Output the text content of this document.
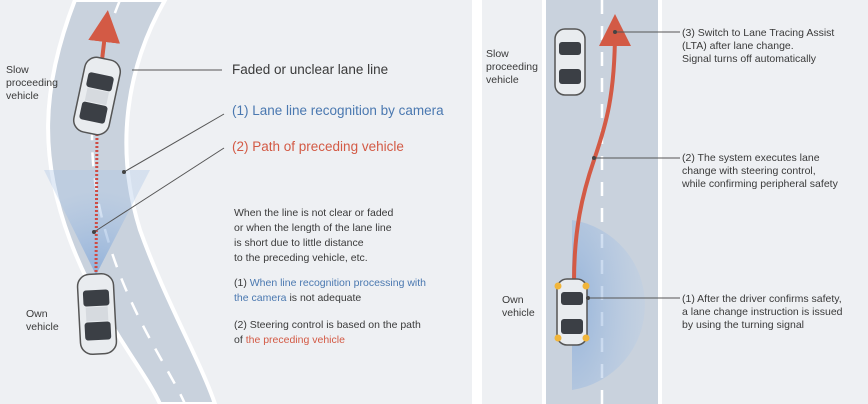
Slow
proceeding
vehicle
Faded or unclear lane line
(1) Lane line recognition by camera
(2) Path of preceding vehicle
When the line is not clear or faded
or when the length of the lane line
is short due to little distance
to the preceding vehicle, etc.
(1) When line recognition processing with
the camera is not adequate
(2) Steering control is based on the path
of the preceding vehicle
Own
vehicle
Slow
proceeding
vehicle
Own
vehicle
(3) Switch to Lane Tracing Assist
(LTA) after lane change.
Signal turns off automatically
(2) The system executes lane
change with steering control,
while confirming peripheral safety
(1) After the driver confirms safety,
a lane change instruction is issued
by using the turning signal
